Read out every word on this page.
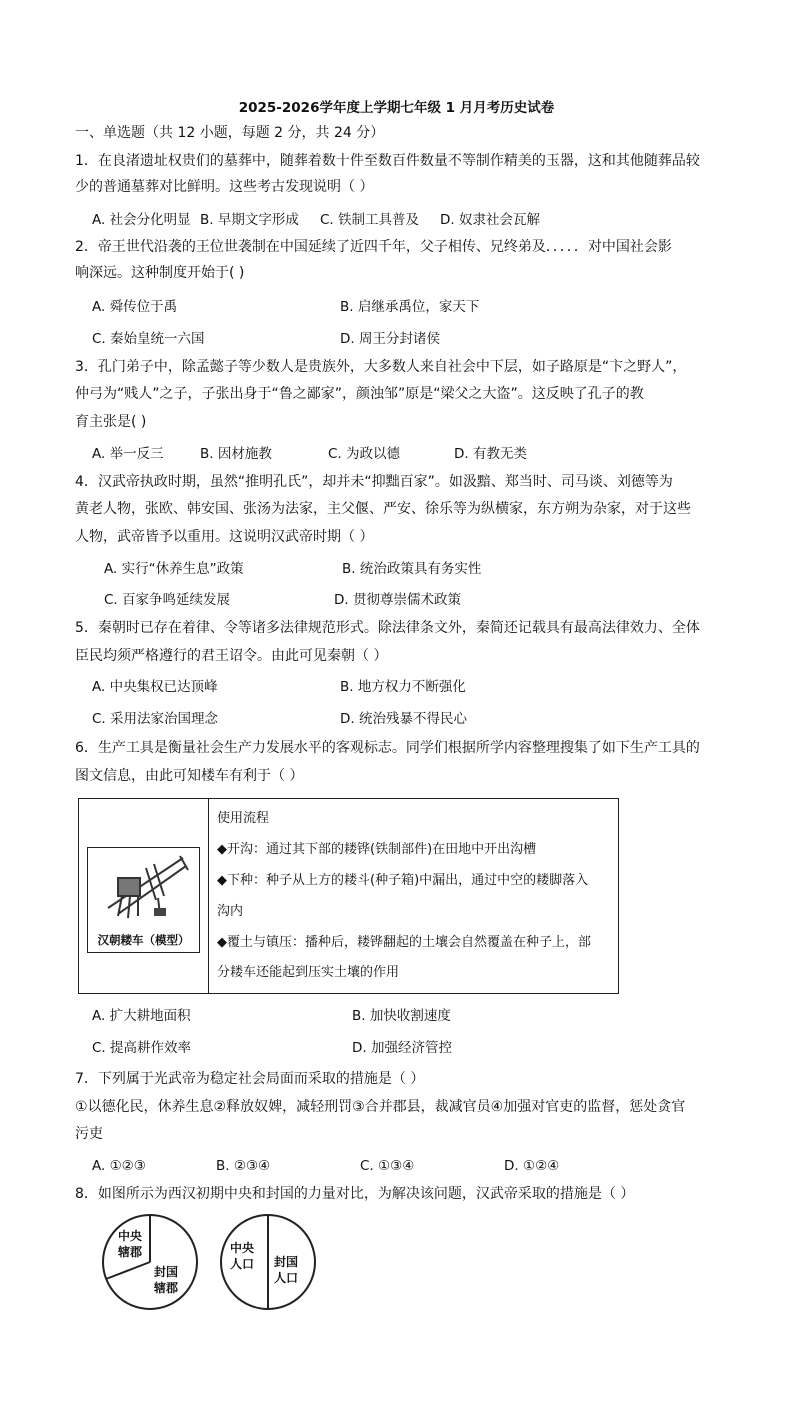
2025-2026学年度上学期七年级 1 月月考历史试卷
一、单选题（共 12 小题，每题 2 分，共 24 分）
1．在良渚遗址权贵们的墓葬中，随葬着数十件至数百件数量不等制作精美的玉器，这和其他随葬品较
少的普通墓葬对比鲜明。这些考古发现说明（ ）
A. 社会分化明显 B. 早期文字形成 C. 铁制工具普及 D. 奴隶社会瓦解
2．帝王世代沿袭的王位世袭制在中国延续了近四千年，父子相传、兄终弟及．．．．．对中国社会影
响深远。这种制度开始于( )
A. 舜传位于禹	B. 启继承禹位，家天下
C. 秦始皇统一六国	D. 周王分封诸侯
3．孔门弟子中，除孟懿子等少数人是贵族外，大多数人来自社会中下层，如子路原是“卞之野人”，
仲弓为“贱人”之子，子张出身于“鲁之鄙家”，颜浊邹”原是“梁父之大盗”。这反映了孔子的教
育主张是( )
A. 举一反三	B. 因材施教	C. 为政以德	D. 有教无类
4．汉武帝执政时期，虽然“推明孔氏”，却并未“抑黜百家”。如汲黯、郑当时、司马谈、刘德等为
黄老人物，张欧、韩安国、张汤为法家，主父偃、严安、徐乐等为纵横家，东方朔为杂家，对于这些
人物，武帝皆予以重用。这说明汉武帝时期（ ）
A. 实行“休养生息”政策	B. 统治政策具有务实性
C. 百家争鸣延续发展	D. 贯彻尊崇儒术政策
5．秦朝时已存在着律、令等诸多法律规范形式。除法律条文外，秦简还记载具有最高法律效力、全体
臣民均须严格遵行的君王诏令。由此可见秦朝（ ）
A. 中央集权已达顶峰	B. 地方权力不断强化
C. 采用法家治国理念	D. 统治残暴不得民心
6．生产工具是衡量社会生产力发展水平的客观标志。同学们根据所学内容整理搜集了如下生产工具的
图文信息，由此可知楼车有利于（ ）
汉朝耧车（模型）
使用流程
◆开沟：通过其下部的耧铧(铁制部件)在田地中开出沟槽
◆下种：种子从上方的耧斗(种子箱)中漏出，通过中空的耧脚落入
沟内
◆覆土与镇压：播种后，耧铧翻起的土壤会自然覆盖在种子上，部
分耧车还能起到压实土壤的作用
A. 扩大耕地面积	B. 加快收割速度
C. 提高耕作效率	D. 加强经济管控
7．下列属于光武帝为稳定社会局面而采取的措施是（ ）
①以德化民，休养生息②释放奴婢，减轻刑罚③合并郡县，裁减官员④加强对官吏的监督，惩处贪官
污吏
A. ①②③	B. ②③④	C. ①③④	D. ①②④
8．如图所示为西汉初期中央和封国的力量对比，为解决该问题，汉武帝采取的措施是（ ）
中央
辖郡
封国
辖郡
中央
人口 封国
人口
